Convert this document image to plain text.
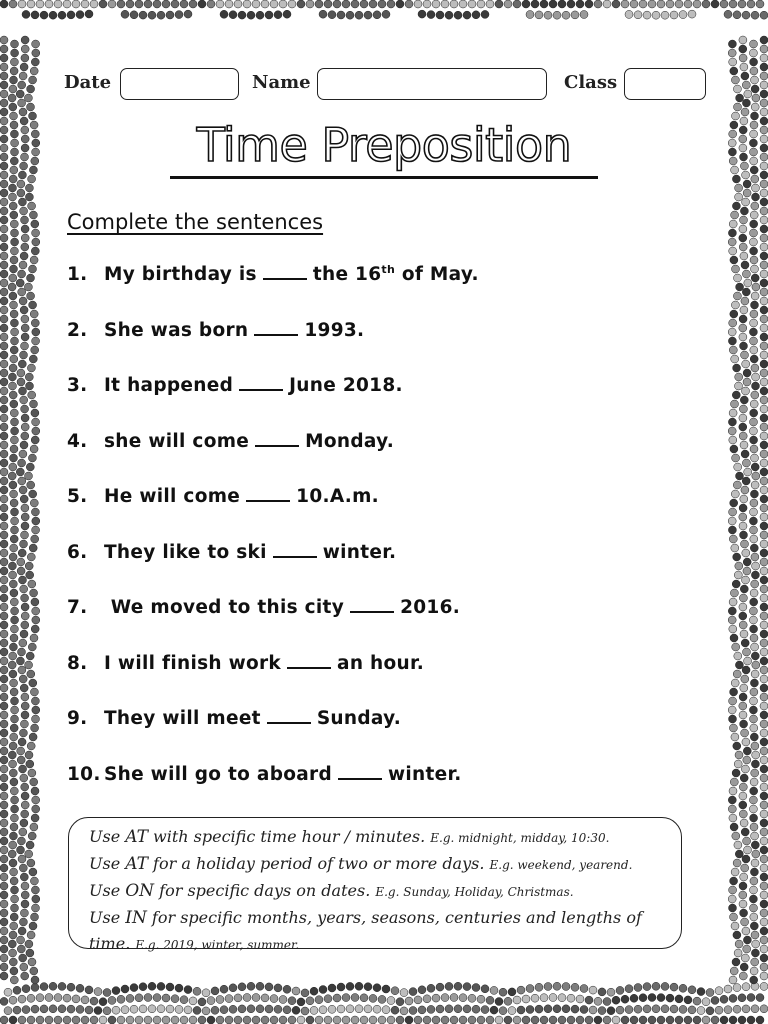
Date	Name	Class
Time Preposition
Complete the sentences
1. My birthday is	the 16th of May.
2. She was born	1993.
3. It happened	June 2018.
4. she will come	Monday.
5. He will come	10.A.m.
6. They like to ski	winter.
7. We moved to this city	2016.
8. I will finish work	an hour.
9. They will meet	Sunday.
10. She will go to aboard	winter.
Use AT with specific time hour / minutes. E.g. midnight, midday, 10:30.
Use AT for a holiday period of two or more days. E.g. weekend, yearend.
Use ON for specific days on dates. E.g. Sunday, Holiday, Christmas.
Use IN for specific months, years, seasons, centuries and lengths of
time. E.g. 2019, winter, summer.
